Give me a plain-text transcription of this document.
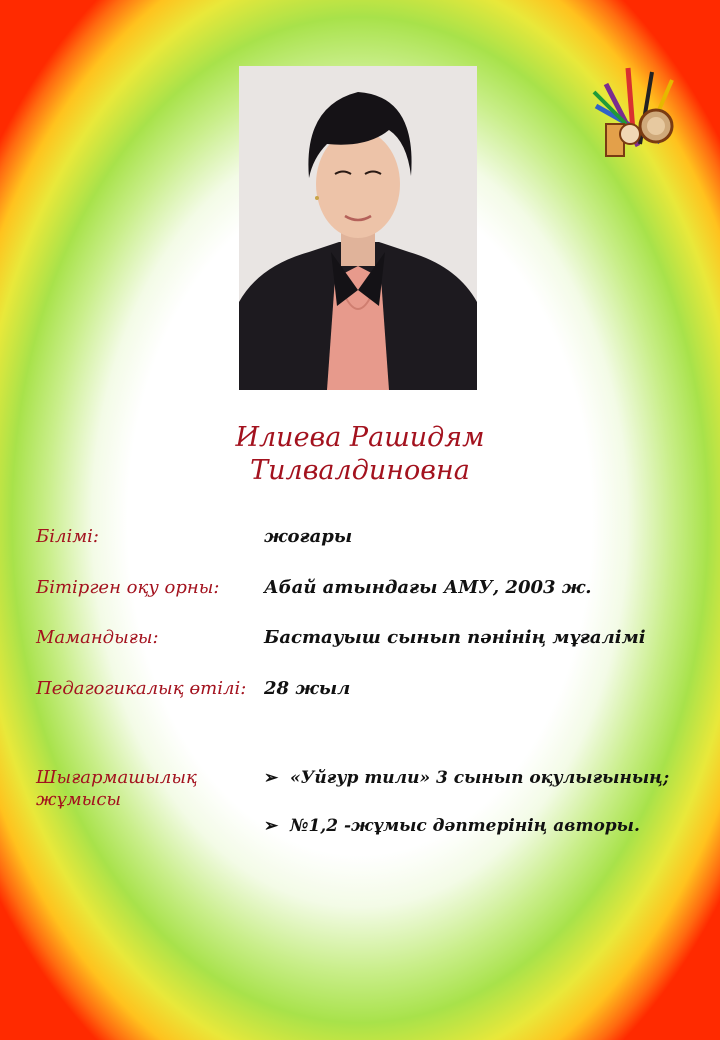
Илиева Рашидям
Тилвалдиновна
Білімі:	жоғары
Бітірген оқу орны: Абай атындағы АМУ, 2003 ж.
Мамандығы:	Бастауыш сынып пәнінің мұғалімі
Педагогикалық өтілі: 28 жыл
Шығармашылық
жұмысы
➢ «Уйғур тили» 3 сынып оқулығының;
➢ №1,2 -жұмыс дәптерінің авторы.
